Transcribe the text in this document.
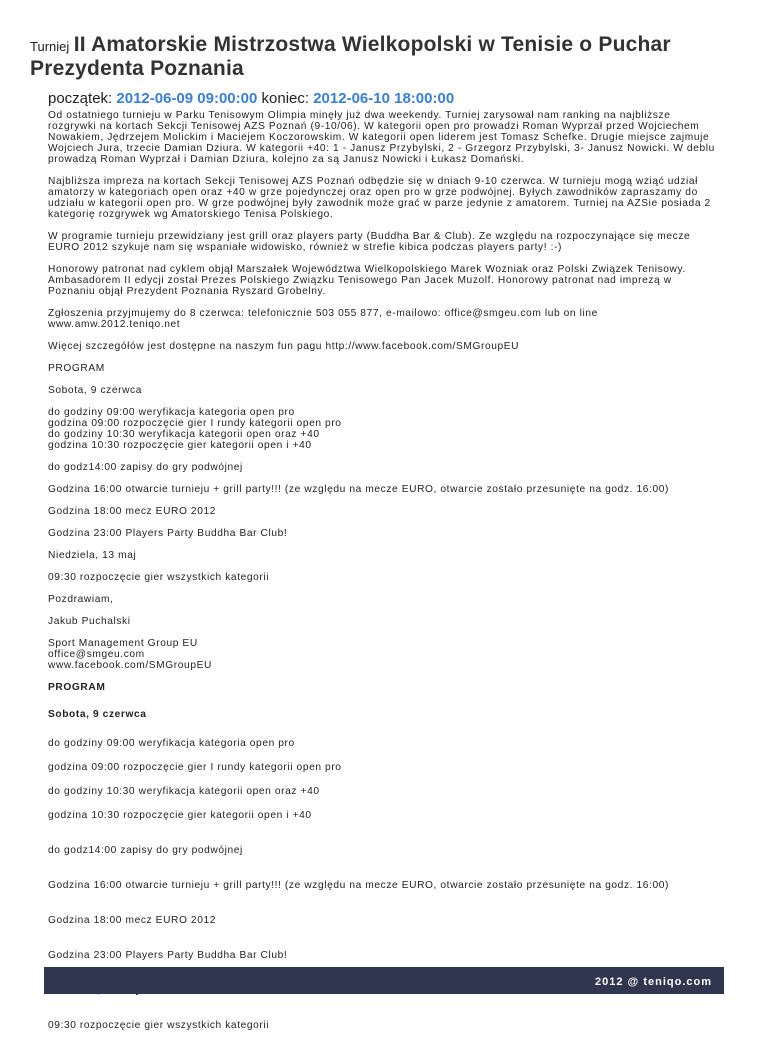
Turniej II Amatorskie Mistrzostwa Wielkopolski w Tenisie o Puchar
Prezydenta Poznania
początek: 2012-06-09 09:00:00 koniec: 2012-06-10 18:00:00

Od ostatniego turnieju w Parku Tenisowym Olimpia minęły już dwa weekendy. Turniej zarysował nam ranking na najbliższe rozgrywki na kortach Sekcji Tenisowej AZS Poznań (9-10/06). W kategorii open pro prowadzi Roman Wyprzał przed Wojciechem Nowakiem, Jędrzejem Molickim i Maciejem Koczorowskim. W kategorii open liderem jest Tomasz Schefke. Drugie miejsce zajmuje Wojciech Jura, trzecie Damian Dziura. W kategorii +40: 1 - Janusz Przybylski, 2 - Grzegorz Przybylski, 3- Janusz Nowicki. W deblu prowadzą Roman Wyprzał i Damian Dziura, kolejno za są Janusz Nowicki i Łukasz Domański.

Najbliższa impreza na kortach Sekcji Tenisowej AZS Poznań odbędzie się w dniach 9-10 czerwca. W turnieju mogą wziąć udział amatorzy w kategoriach open oraz +40 w grze pojedynczej oraz open pro w grze podwójnej. Byłych zawodników zapraszamy do udziału w kategorii open pro. W grze podwójnej były zawodnik może grać w parze jedynie z amatorem. Turniej na AZSie posiada 2 kategorię rozgrywek wg Amatorskiego Tenisa Polskiego.

W programie turnieju przewidziany jest grill oraz players party (Buddha Bar & Club). Ze względu na rozpoczynające się mecze EURO 2012 szykuje nam się wspaniałe widowisko, również w strefie kibica podczas players party! :-)

Honorowy patronat nad cyklem objął Marszałek Województwa Wielkopolskiego Marek Wozniak oraz Polski Związek Tenisowy. Ambasadorem II edycji został Prezes Polskiego Związku Tenisowego Pan Jacek Muzolf. Honorowy patronat nad imprezą w Poznaniu objął Prezydent Poznania Ryszard Grobelny.

Zgłoszenia przyjmujemy do 8 czerwca: telefonicznie 503 055 877, e-mailowo: office@smgeu.com lub on line
www.amw.2012.teniqo.net

Więcej szczegółów jest dostępne na naszym fun pagu http://www.facebook.com/SMGroupEU

PROGRAM

Sobota, 9 czerwca

do godziny 09:00 weryfikacja kategoria open pro
godzina 09:00 rozpoczęcie gier I rundy kategorii open pro
do godziny 10:30 weryfikacja kategorii open oraz +40
godzina 10:30 rozpoczęcie gier kategorii open i +40

do godz14:00 zapisy do gry podwójnej

Godzina 16:00 otwarcie turnieju + grill party!!! (ze względu na mecze EURO, otwarcie zostało przesunięte na godz. 16:00)

Godzina 18:00 mecz EURO 2012

Godzina 23:00 Players Party Buddha Bar Club!

Niedziela, 13 maj

09:30 rozpoczęcie gier wszystkich kategorii

Pozdrawiam,

Jakub Puchalski

Sport Management Group EU
office@smgeu.com
www.facebook.com/SMGroupEU

PROGRAM

Sobota, 9 czerwca

do godziny 09:00 weryfikacja kategoria open pro

godzina 09:00 rozpoczęcie gier I rundy kategorii open pro

do godziny 10:30 weryfikacja kategorii open oraz +40

godzina 10:30 rozpoczęcie gier kategorii open i +40

do godz14:00 zapisy do gry podwójnej

Godzina 16:00 otwarcie turnieju + grill party!!! (ze względu na mecze EURO, otwarcie zostało przesunięte na godz. 16:00)

Godzina 18:00 mecz EURO 2012

Godzina 23:00 Players Party Buddha Bar Club!

09:30 rozpoczęcie gier wszystkich kategorii

2012 @ teniqo.com
